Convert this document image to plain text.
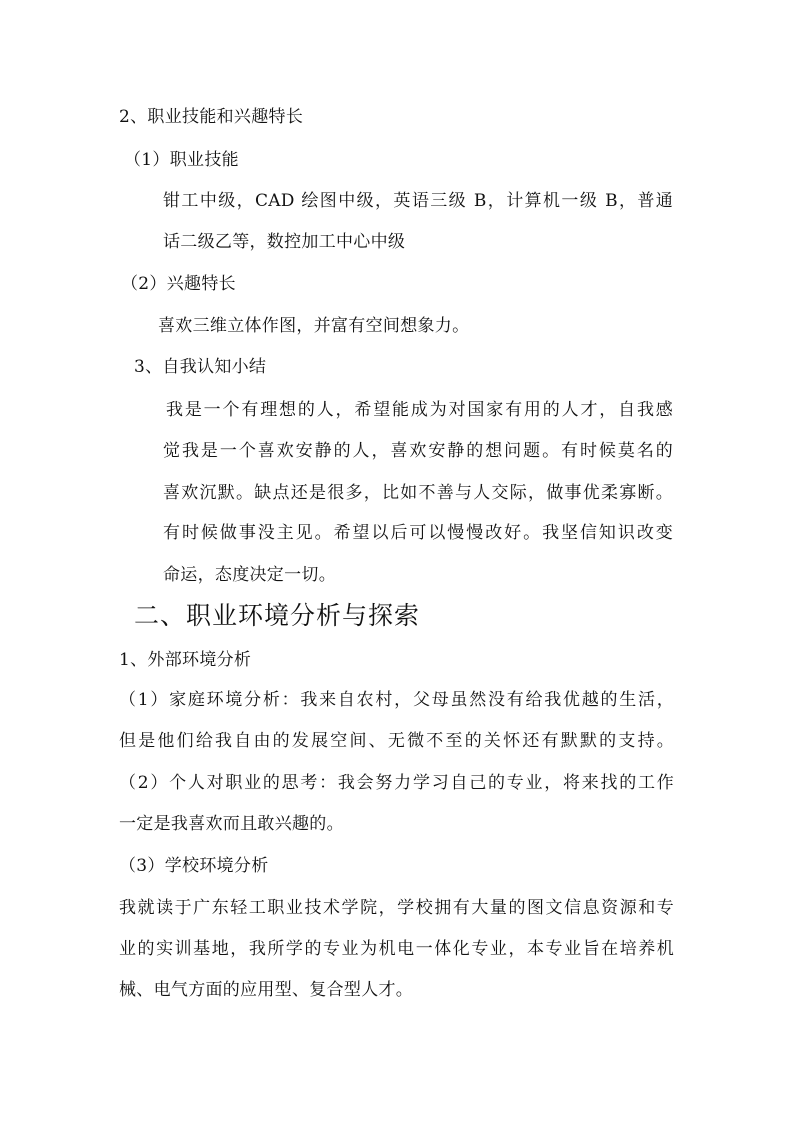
2、职业技能和兴趣特长
（1）职业技能
钳工中级，CAD 绘图中级，英语三级 B，计算机一级 B，普通
话二级乙等，数控加工中心中级
（2）兴趣特长
喜欢三维立体作图，并富有空间想象力。
3、自我认知小结
我是一个有理想的人，希望能成为对国家有用的人才，自我感
觉我是一个喜欢安静的人，喜欢安静的想问题。有时候莫名的
喜欢沉默。缺点还是很多，比如不善与人交际，做事优柔寡断。
有时候做事没主见。希望以后可以慢慢改好。我坚信知识改变
命运，态度决定一切。
二、职业环境分析与探索
1、外部环境分析
（1）家庭环境分析：我来自农村，父母虽然没有给我优越的生活，
但是他们给我自由的发展空间、无微不至的关怀还有默默的支持。
（2）个人对职业的思考：我会努力学习自己的专业，将来找的工作
一定是我喜欢而且敢兴趣的。
（3）学校环境分析
我就读于广东轻工职业技术学院，学校拥有大量的图文信息资源和专
业的实训基地，我所学的专业为机电一体化专业，本专业旨在培养机
械、电气方面的应用型、复合型人才。
